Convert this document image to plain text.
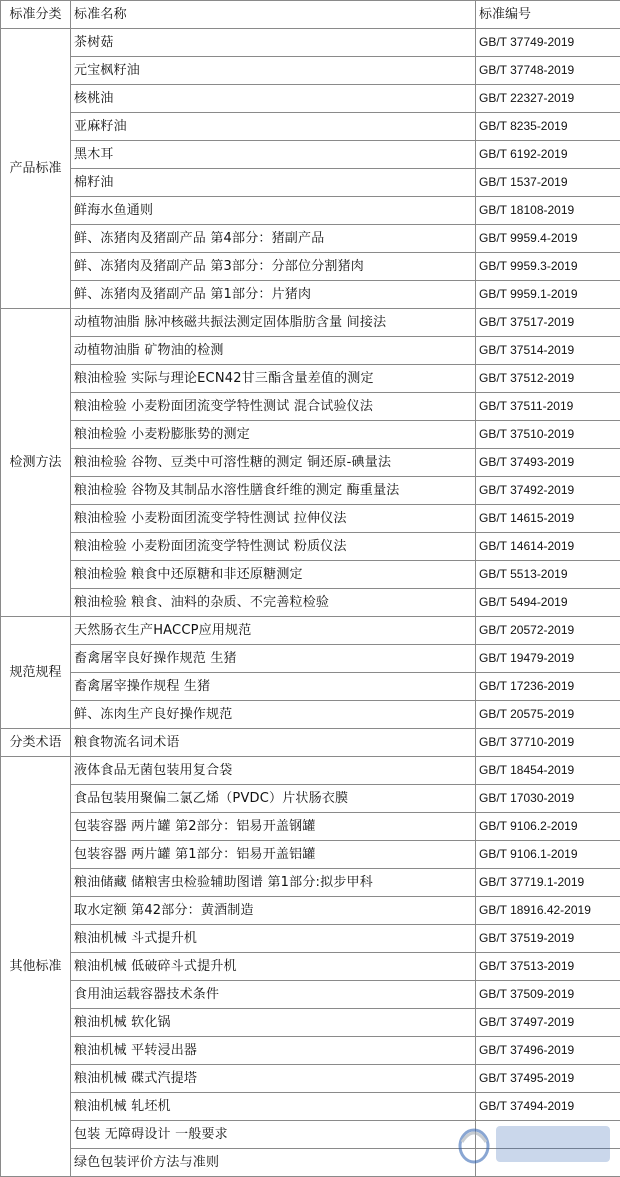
标准分类	标准名称	标准编号
产品标准	茶树菇	GB/T 37749-2019
	元宝枫籽油	GB/T 37748-2019
	核桃油	GB/T 22327-2019
	亚麻籽油	GB/T 8235-2019
	黑木耳	GB/T 6192-2019
	棉籽油	GB/T 1537-2019
	鲜海水鱼通则	GB/T 18108-2019
	鲜、冻猪肉及猪副产品 第4部分：猪副产品	GB/T 9959.4-2019
	鲜、冻猪肉及猪副产品 第3部分：分部位分割猪肉	GB/T 9959.3-2019
	鲜、冻猪肉及猪副产品 第1部分：片猪肉	GB/T 9959.1-2019
检测方法	动植物油脂 脉冲核磁共振法测定固体脂肪含量 间接法	GB/T 37517-2019
	动植物油脂 矿物油的检测	GB/T 37514-2019
	粮油检验 实际与理论ECN42甘三酯含量差值的测定	GB/T 37512-2019
	粮油检验 小麦粉面团流变学特性测试 混合试验仪法	GB/T 37511-2019
	粮油检验 小麦粉膨胀势的测定	GB/T 37510-2019
	粮油检验 谷物、豆类中可溶性糖的测定 铜还原-碘量法	GB/T 37493-2019
	粮油检验 谷物及其制品水溶性膳食纤维的测定 酶重量法	GB/T 37492-2019
	粮油检验 小麦粉面团流变学特性测试 拉伸仪法	GB/T 14615-2019
	粮油检验 小麦粉面团流变学特性测试 粉质仪法	GB/T 14614-2019
	粮油检验 粮食中还原糖和非还原糖测定	GB/T 5513-2019
	粮油检验 粮食、油料的杂质、不完善粒检验	GB/T 5494-2019
规范规程	天然肠衣生产HACCP应用规范	GB/T 20572-2019
	畜禽屠宰良好操作规范 生猪	GB/T 19479-2019
	畜禽屠宰操作规程 生猪	GB/T 17236-2019
	鲜、冻肉生产良好操作规范	GB/T 20575-2019
分类术语	粮食物流名词术语	GB/T 37710-2019
其他标准	液体食品无菌包装用复合袋	GB/T 18454-2019
	食品包装用聚偏二氯乙烯（PVDC）片状肠衣膜	GB/T 17030-2019
	包装容器 两片罐 第2部分：铝易开盖钢罐	GB/T 9106.2-2019
	包装容器 两片罐 第1部分：铝易开盖铝罐	GB/T 9106.1-2019
	粮油储藏 储粮害虫检验辅助图谱 第1部分:拟步甲科	GB/T 37719.1-2019
	取水定额 第42部分：黄酒制造	GB/T 18916.42-2019
	粮油机械 斗式提升机	GB/T 37519-2019
	粮油机械 低破碎斗式提升机	GB/T 37513-2019
	食用油运载容器技术条件	GB/T 37509-2019
	粮油机械 软化锅	GB/T 37497-2019
	粮油机械 平转浸出器	GB/T 37496-2019
	粮油机械 碟式汽提塔	GB/T 37495-2019
	粮油机械 轧坯机	GB/T 37494-2019
	包装 无障碍设计 一般要求	
	绿色包装评价方法与准则	
